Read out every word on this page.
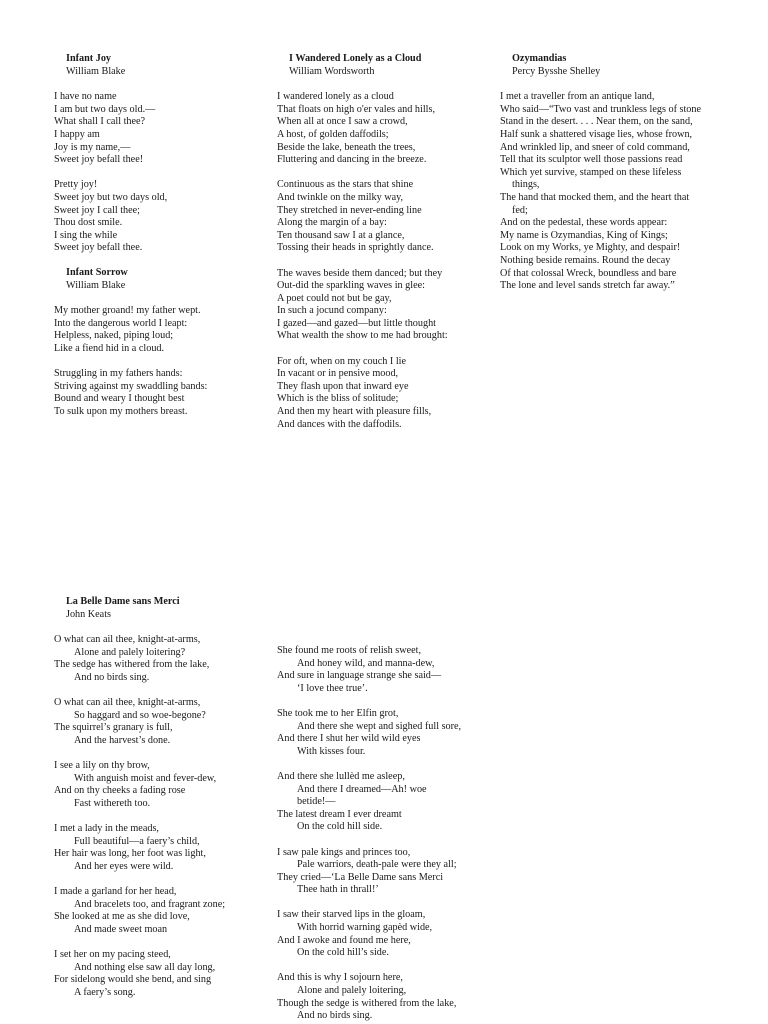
Infant Joy
William Blake
I have no name
I am but two days old.—
What shall I call thee?
I happy am
Joy is my name,—
Sweet joy befall thee!
Pretty joy!
Sweet joy but two days old,
Sweet joy I call thee;
Thou dost smile.
I sing the while
Sweet joy befall thee.
Infant Sorrow
William Blake
My mother groand! my father wept.
Into the dangerous world I leapt:
Helpless, naked, piping loud;
Like a fiend hid in a cloud.
Struggling in my fathers hands:
Striving against my swaddling bands:
Bound and weary I thought best
To sulk upon my mothers breast.
I Wandered Lonely as a Cloud
William Wordsworth
I wandered lonely as a cloud
That floats on high o'er vales and hills,
When all at once I saw a crowd,
A host, of golden daffodils;
Beside the lake, beneath the trees,
Fluttering and dancing in the breeze.
Continuous as the stars that shine
And twinkle on the milky way,
They stretched in never-ending line
Along the margin of a bay:
Ten thousand saw I at a glance,
Tossing their heads in sprightly dance.
The waves beside them danced; but they
Out-did the sparkling waves in glee:
A poet could not but be gay,
In such a jocund company:
I gazed—and gazed—but little thought
What wealth the show to me had brought:
For oft, when on my couch I lie
In vacant or in pensive mood,
They flash upon that inward eye
Which is the bliss of solitude;
And then my heart with pleasure fills,
And dances with the daffodils.
Ozymandias
Percy Bysshe Shelley
I met a traveller from an antique land,
Who said—“Two vast and trunkless legs of stone
Stand in the desert. . . . Near them, on the sand,
Half sunk a shattered visage lies, whose frown,
And wrinkled lip, and sneer of cold command,
Tell that its sculptor well those passions read
Which yet survive, stamped on these lifeless things,
The hand that mocked them, and the heart that fed;
And on the pedestal, these words appear:
My name is Ozymandias, King of Kings;
Look on my Works, ye Mighty, and despair!
Nothing beside remains. Round the decay
Of that colossal Wreck, boundless and bare
The lone and level sands stretch far away.”
La Belle Dame sans Merci
John Keats
O what can ail thee, knight-at-arms,
Alone and palely loitering?
The sedge has withered from the lake,
And no birds sing.
O what can ail thee, knight-at-arms,
So haggard and so woe-begone?
The squirrel’s granary is full,
And the harvest’s done.
I see a lily on thy brow,
With anguish moist and fever-dew,
And on thy cheeks a fading rose
Fast withereth too.
I met a lady in the meads,
Full beautiful—a faery’s child,
Her hair was long, her foot was light,
And her eyes were wild.
I made a garland for her head,
And bracelets too, and fragrant zone;
She looked at me as she did love,
And made sweet moan
I set her on my pacing steed,
And nothing else saw all day long,
For sidelong would she bend, and sing
A faery’s song.
She found me roots of relish sweet,
And honey wild, and manna-dew,
And sure in language strange she said—
‘I love thee true’.
She took me to her Elfin grot,
And there she wept and sighed full sore,
And there I shut her wild wild eyes
With kisses four.
And there she lullèd me asleep,
And there I dreamed—Ah! woe betide!—
The latest dream I ever dreamt
On the cold hill side.
I saw pale kings and princes too,
Pale warriors, death-pale were they all;
They cried—‘La Belle Dame sans Merci
Thee hath in thrall!’
I saw their starved lips in the gloam,
With horrid warning gapèd wide,
And I awoke and found me here,
On the cold hill’s side.
And this is why I sojourn here,
Alone and palely loitering,
Though the sedge is withered from the lake,
And no birds sing.
